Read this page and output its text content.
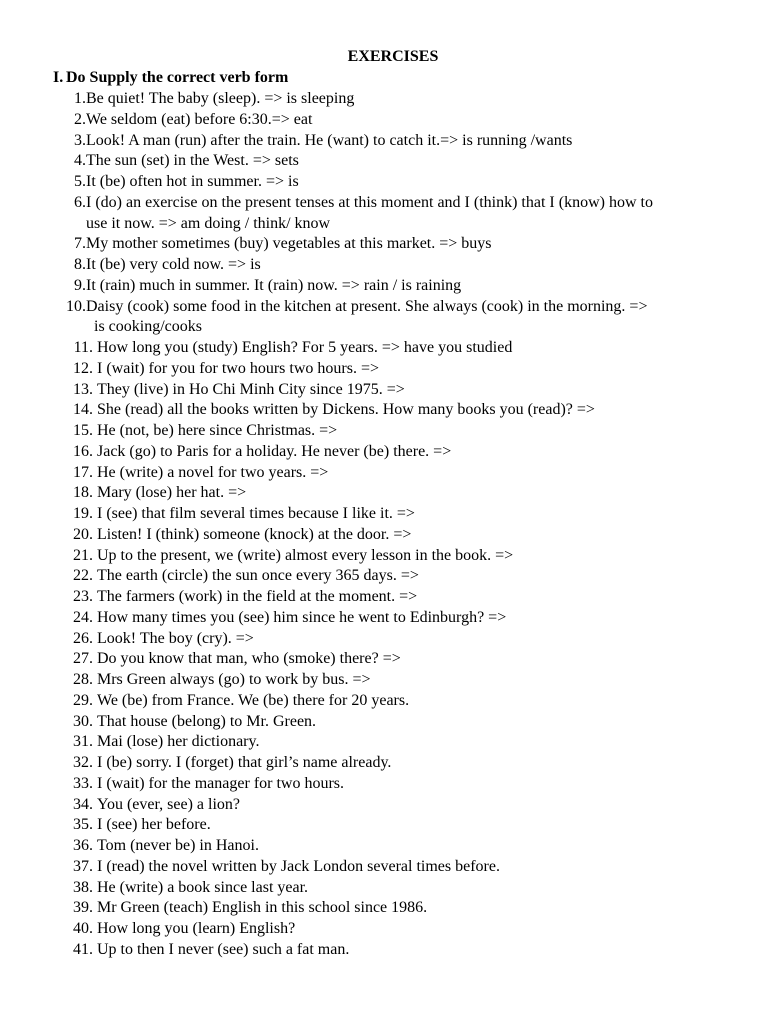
EXERCISES
I. Do Supply the correct verb form
1. Be quiet! The baby (sleep). => is sleeping
2. We seldom (eat) before 6:30.=> eat
3. Look! A man (run) after the train. He (want) to catch it.=> is running /wants
4. The sun (set) in the West. => sets
5. It (be) often hot in summer. => is
6. I (do) an exercise on the present tenses at this moment and I (think) that I (know) how to
use it now. => am doing / think/ know
7. My mother sometimes (buy) vegetables at this market. => buys
8. It (be) very cold now. => is
9. It (rain) much in summer. It (rain) now. => rain / is raining
10. Daisy (cook) some food in the kitchen at present. She always (cook) in the morning. =>
is cooking/cooks
11. How long you (study) English? For 5 years. => have you studied
12. I (wait) for you for two hours two hours. =>
13. They (live) in Ho Chi Minh City since 1975. =>
14. She (read) all the books written by Dickens. How many books you (read)? =>
15. He (not, be) here since Christmas. =>
16. Jack (go) to Paris for a holiday. He never (be) there. =>
17. He (write) a novel for two years. =>
18. Mary (lose) her hat. =>
19. I (see) that film several times because I like it. =>
20. Listen! I (think) someone (knock) at the door. =>
21. Up to the present, we (write) almost every lesson in the book. =>
22. The earth (circle) the sun once every 365 days. =>
23. The farmers (work) in the field at the moment. =>
24. How many times you (see) him since he went to Edinburgh? =>
26. Look! The boy (cry). =>
27. Do you know that man, who (smoke) there? =>
28. Mrs Green always (go) to work by bus. =>
29. We (be) from France. We (be) there for 20 years.
30. That house (belong) to Mr. Green.
31. Mai (lose) her dictionary.
32. I (be) sorry. I (forget) that girl’s name already.
33. I (wait) for the manager for two hours.
34. You (ever, see) a lion?
35. I (see) her before.
36. Tom (never be) in Hanoi.
37. I (read) the novel written by Jack London several times before.
38. He (write) a book since last year.
39. Mr Green (teach) English in this school since 1986.
40. How long you (learn) English?
41. Up to then I never (see) such a fat man.
